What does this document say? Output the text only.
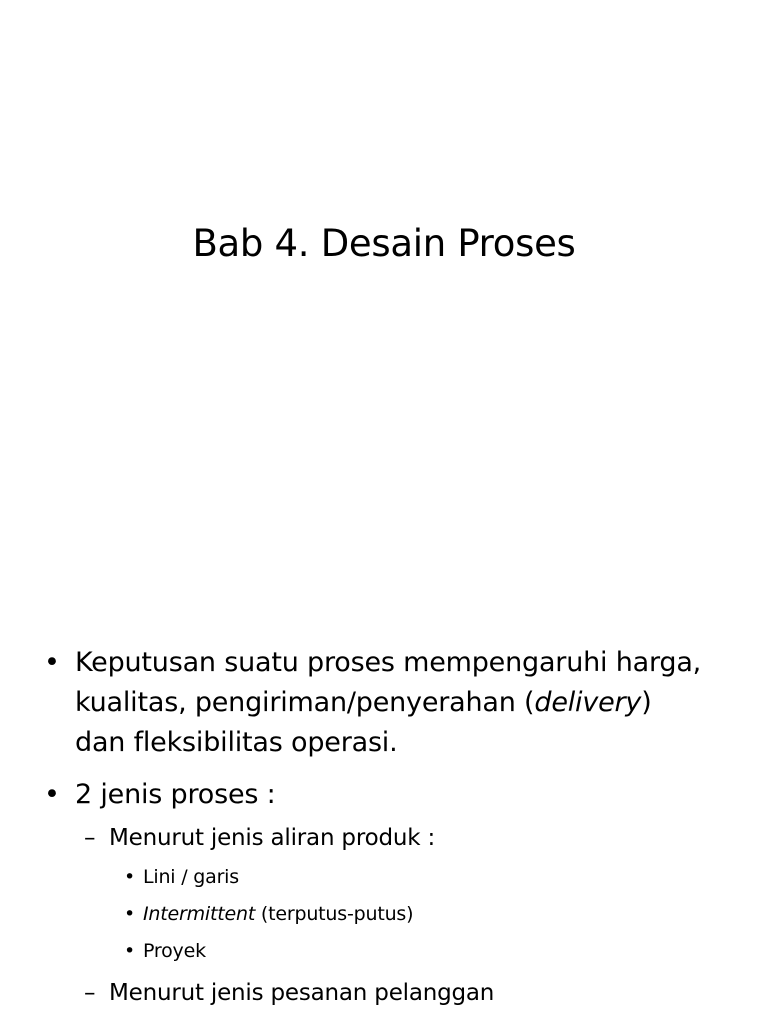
Bab 4. Desain Proses
• Keputusan suatu proses mempengaruhi harga,
kualitas, pengiriman/penyerahan (delivery)
dan fleksibilitas operasi.
• 2 jenis proses :
– Menurut jenis aliran produk :
• Lini / garis
• Intermittent (terputus-putus)
• Proyek
– Menurut jenis pesanan pelanggan
